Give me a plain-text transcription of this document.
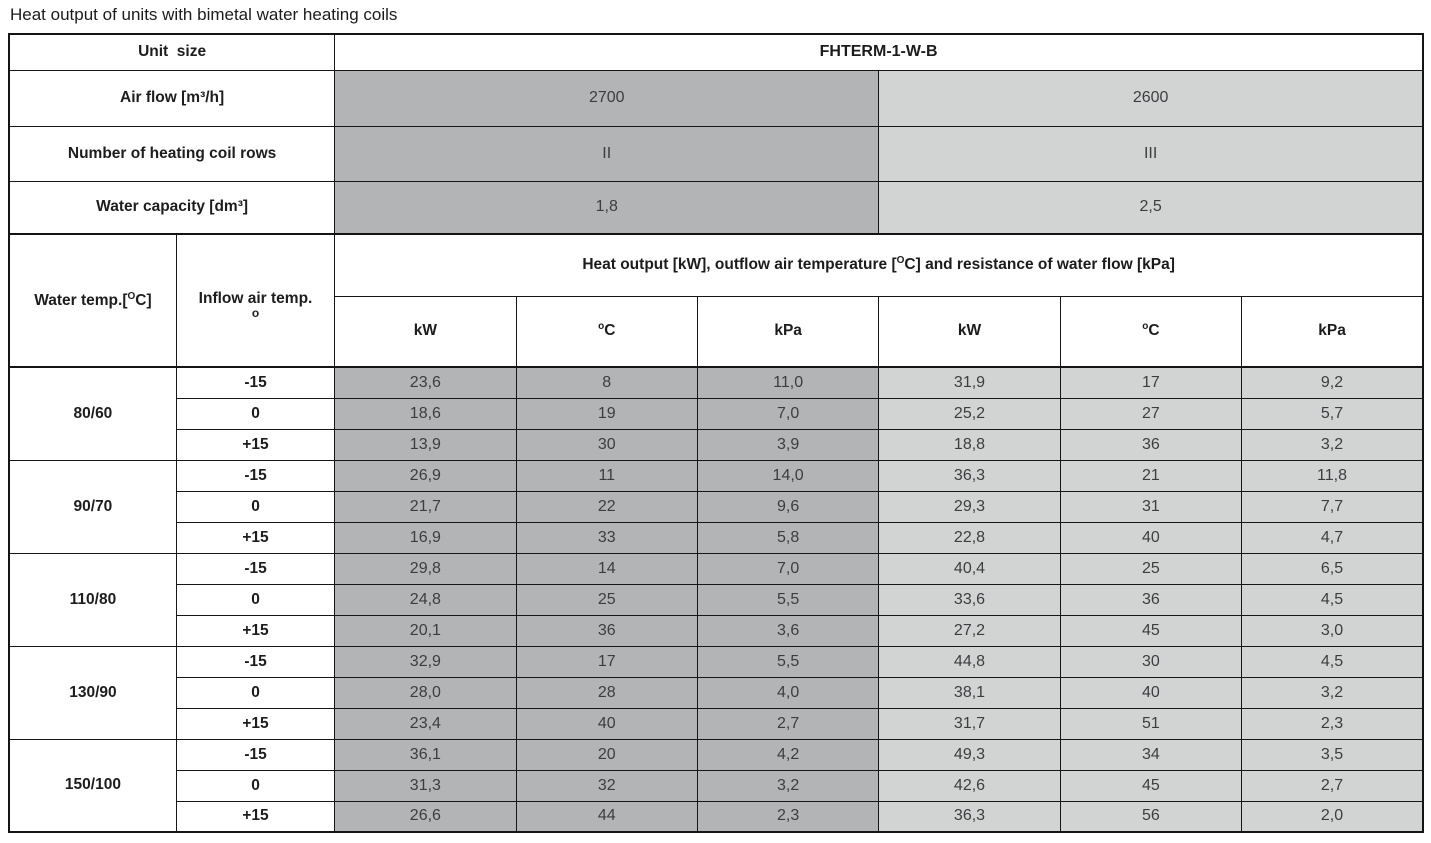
Heat output of units with bimetal water heating coils
Unit  size		FHTERM-1-W-B					
Air flow [m³/h]		2700			2600		
Number of heating coil rows		II			III		
Water capacity [dm³]		1,8			2,5		
Water temp.[$^O$C]	Inflow air temp.
o	Heat output [kW], outflow air temperature [$^O$C] and resistance of water flow [kPa]					
		kW	$^o$C	kPa	kW	$^o$C	kPa
80/60	-15	23,6	8	11,0	31,9	17	9,2
	0	18,6	19	7,0	25,2	27	5,7
	+15	13,9	30	3,9	18,8	36	3,2
90/70	-15	26,9	11	14,0	36,3	21	11,8
	0	21,7	22	9,6	29,3	31	7,7
	+15	16,9	33	5,8	22,8	40	4,7
110/80	-15	29,8	14	7,0	40,4	25	6,5
	0	24,8	25	5,5	33,6	36	4,5
	+15	20,1	36	3,6	27,2	45	3,0
130/90	-15	32,9	17	5,5	44,8	30	4,5
	0	28,0	28	4,0	38,1	40	3,2
	+15	23,4	40	2,7	31,7	51	2,3
150/100	-15	36,1	20	4,2	49,3	34	3,5
	0	31,3	32	3,2	42,6	45	2,7
	+15	26,6	44	2,3	36,3	56	2,0
